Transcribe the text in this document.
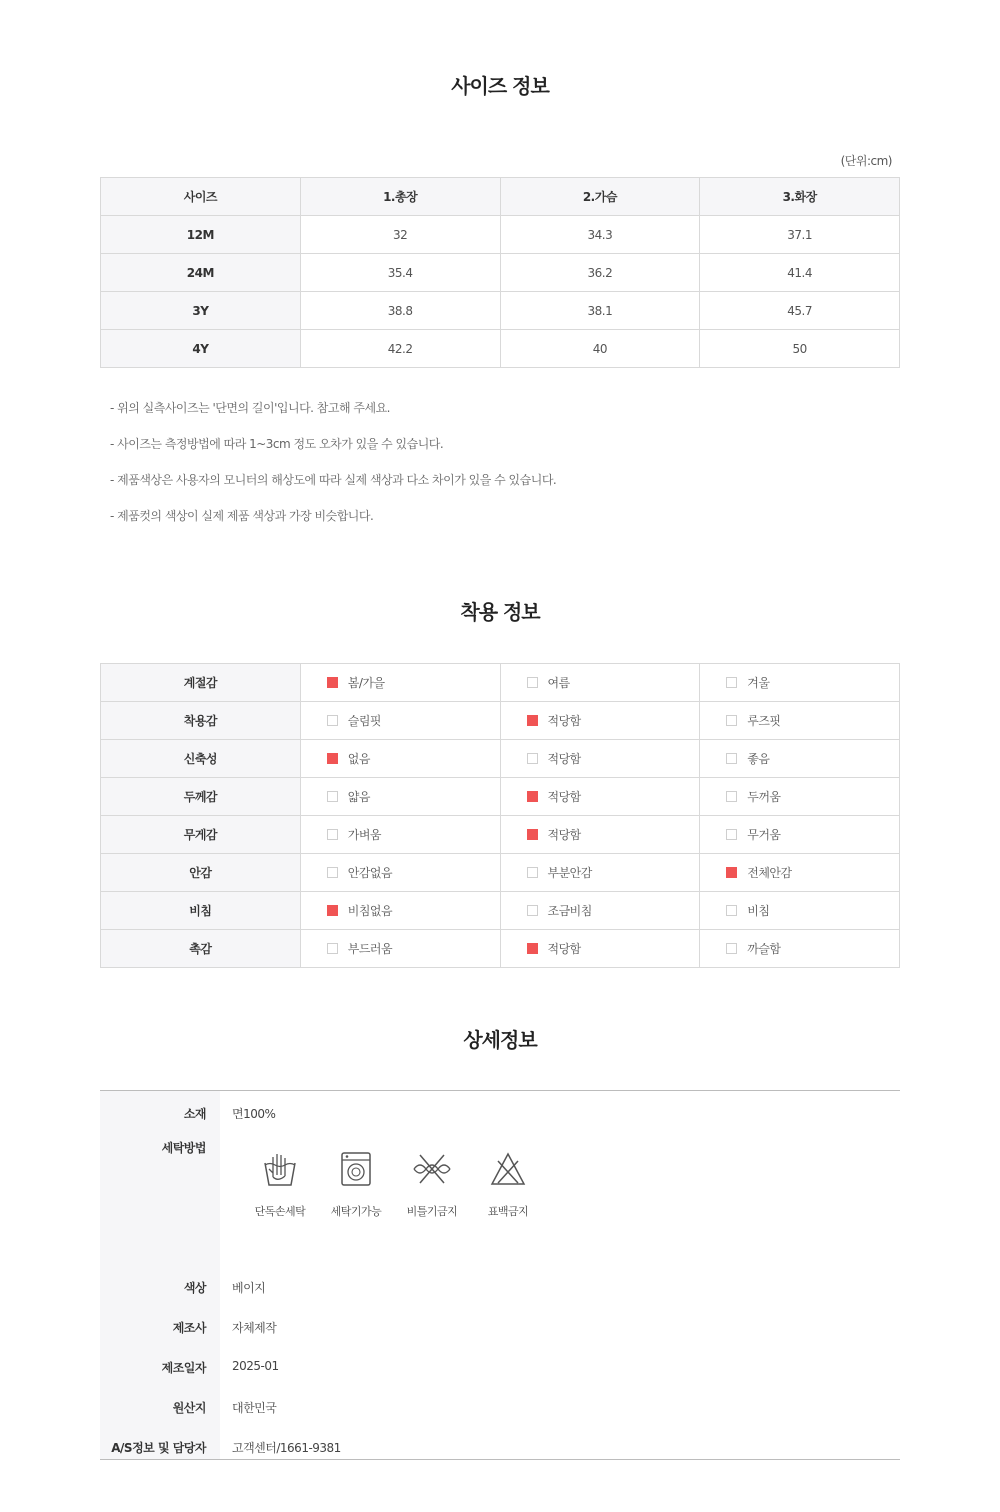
사이즈 정보
(단위:cm)
사이즈	1.총장	2.가슴	3.화장
12M	32	34.3	37.1
24M	35.4	36.2	41.4
3Y	38.8	38.1	45.7
4Y	42.2	40	50
- 위의 실측사이즈는 '단면의 길이'입니다. 참고해 주세요.
- 사이즈는 측정방법에 따라 1~3cm 정도 오차가 있을 수 있습니다.
- 제품색상은 사용자의 모니터의 해상도에 따라 실제 색상과 다소 차이가 있을 수 있습니다.
- 제품컷의 색상이 실제 제품 색상과 가장 비슷합니다.
착용 정보
계절감	봄/가을	여름	겨울
착용감	슬림핏	적당함	루즈핏
신축성	없음	적당함	좋음
두께감	얇음	적당함	두꺼움
무게감	가벼움	적당함	무거움
안감	안감없음	부분안감	전체안감
비침	비침없음	조금비침	비침
촉감	부드러움	적당함	까슬함
상세정보
소재	면100%
세탁방법
단독손세탁	세탁기가능	비틀기금지	표백금지
색상	베이지
제조사	자체제작
제조일자	2025-01
원산지	대한민국
A/S정보 및 담당자	고객센터/1661-9381
